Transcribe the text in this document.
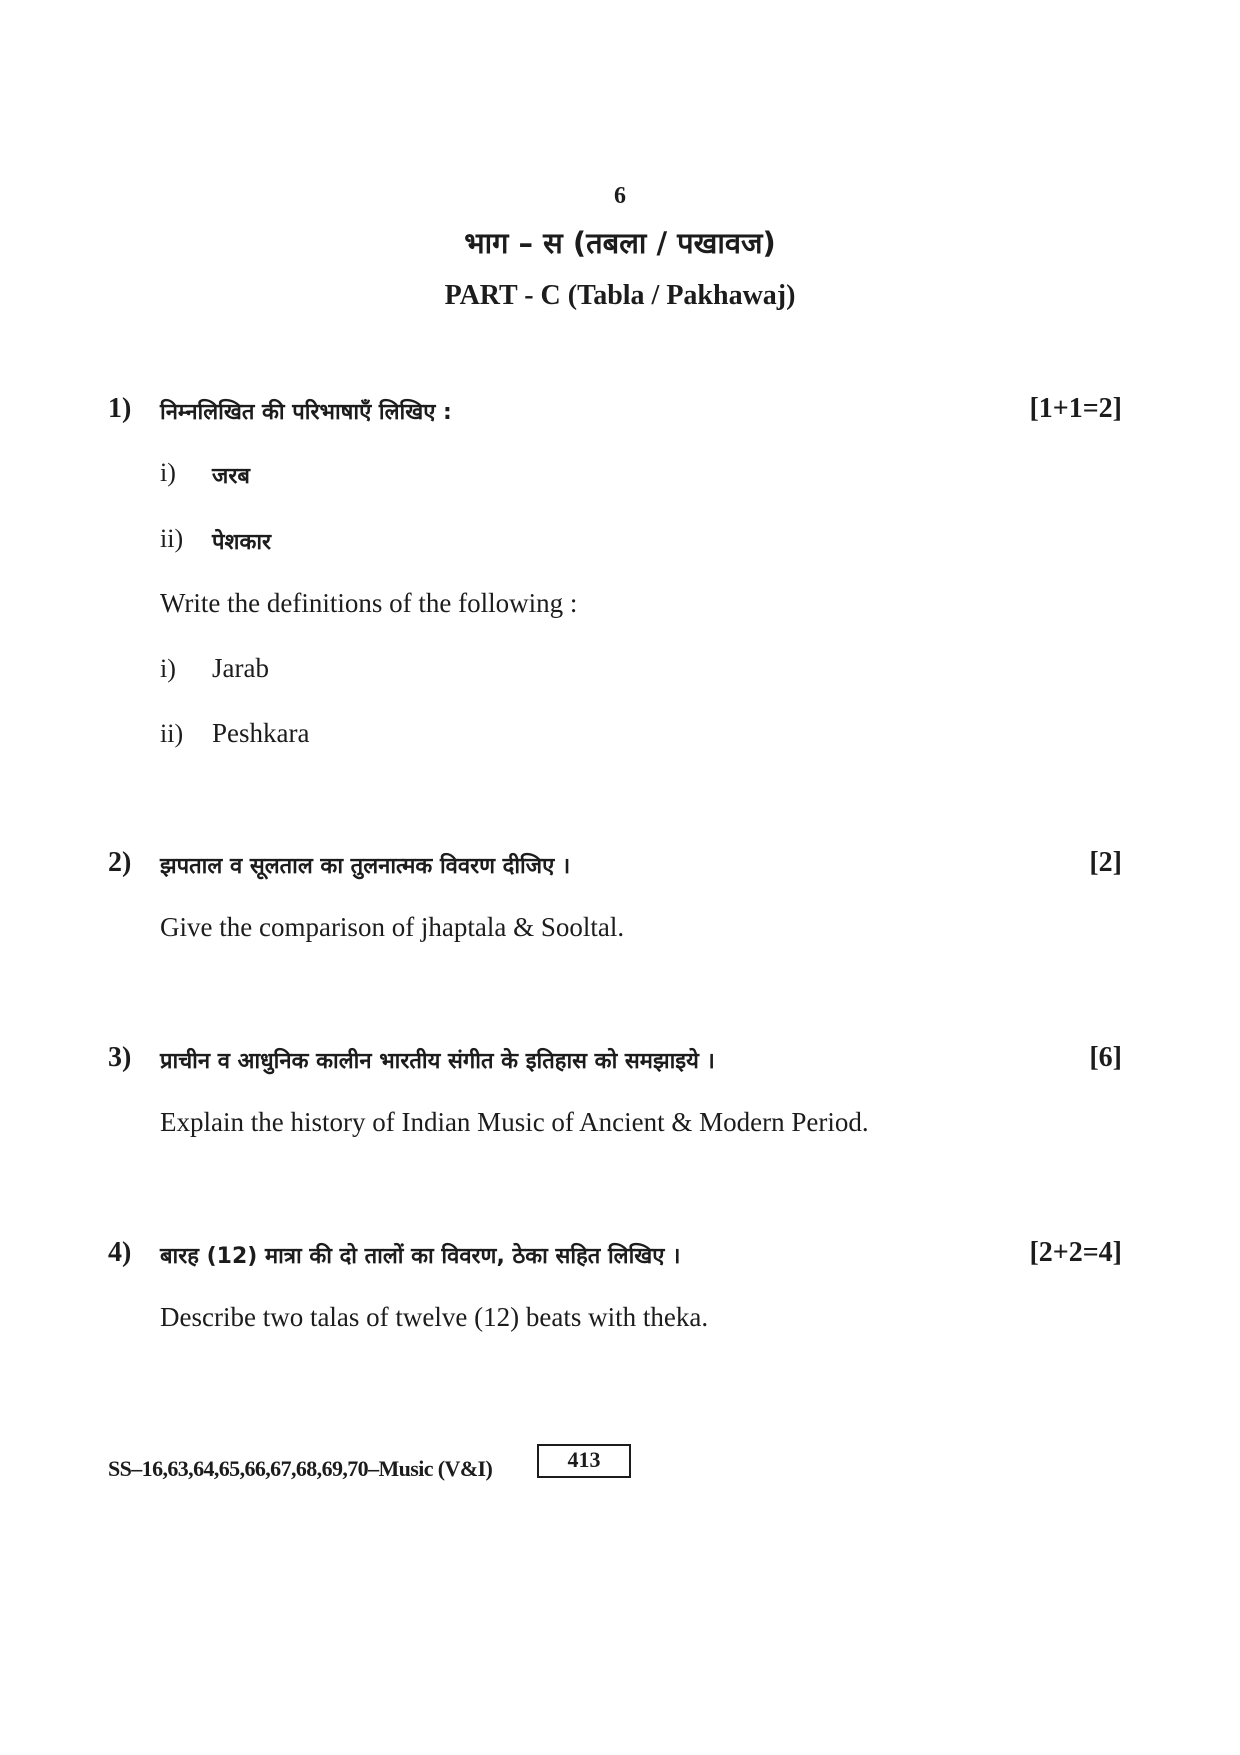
6
भाग – स (तबला / पखावज)
PART - C (Tabla / Pakhawaj)
1) निम्नलिखित की परिभाषाएँ लिखिए :	[1+1=2]
i) जरब
ii) पेशकार
Write the definitions of the following :
i) Jarab
ii) Peshkara
2) झपताल व सूलताल का तुलनात्मक विवरण दीजिए ।	[2]
Give the comparison of jhaptala & Sooltal.
3) प्राचीन व आधुनिक कालीन भारतीय संगीत के इतिहास को समझाइये ।	[6]
Explain the history of Indian Music of Ancient & Modern Period.
4) बारह (12) मात्रा की दो तालों का विवरण, ठेका सहित लिखिए ।	[2+2=4]
Describe two talas of twelve (12) beats with theka.
SS–16,63,64,65,66,67,68,69,70–Music (V&I)	413
